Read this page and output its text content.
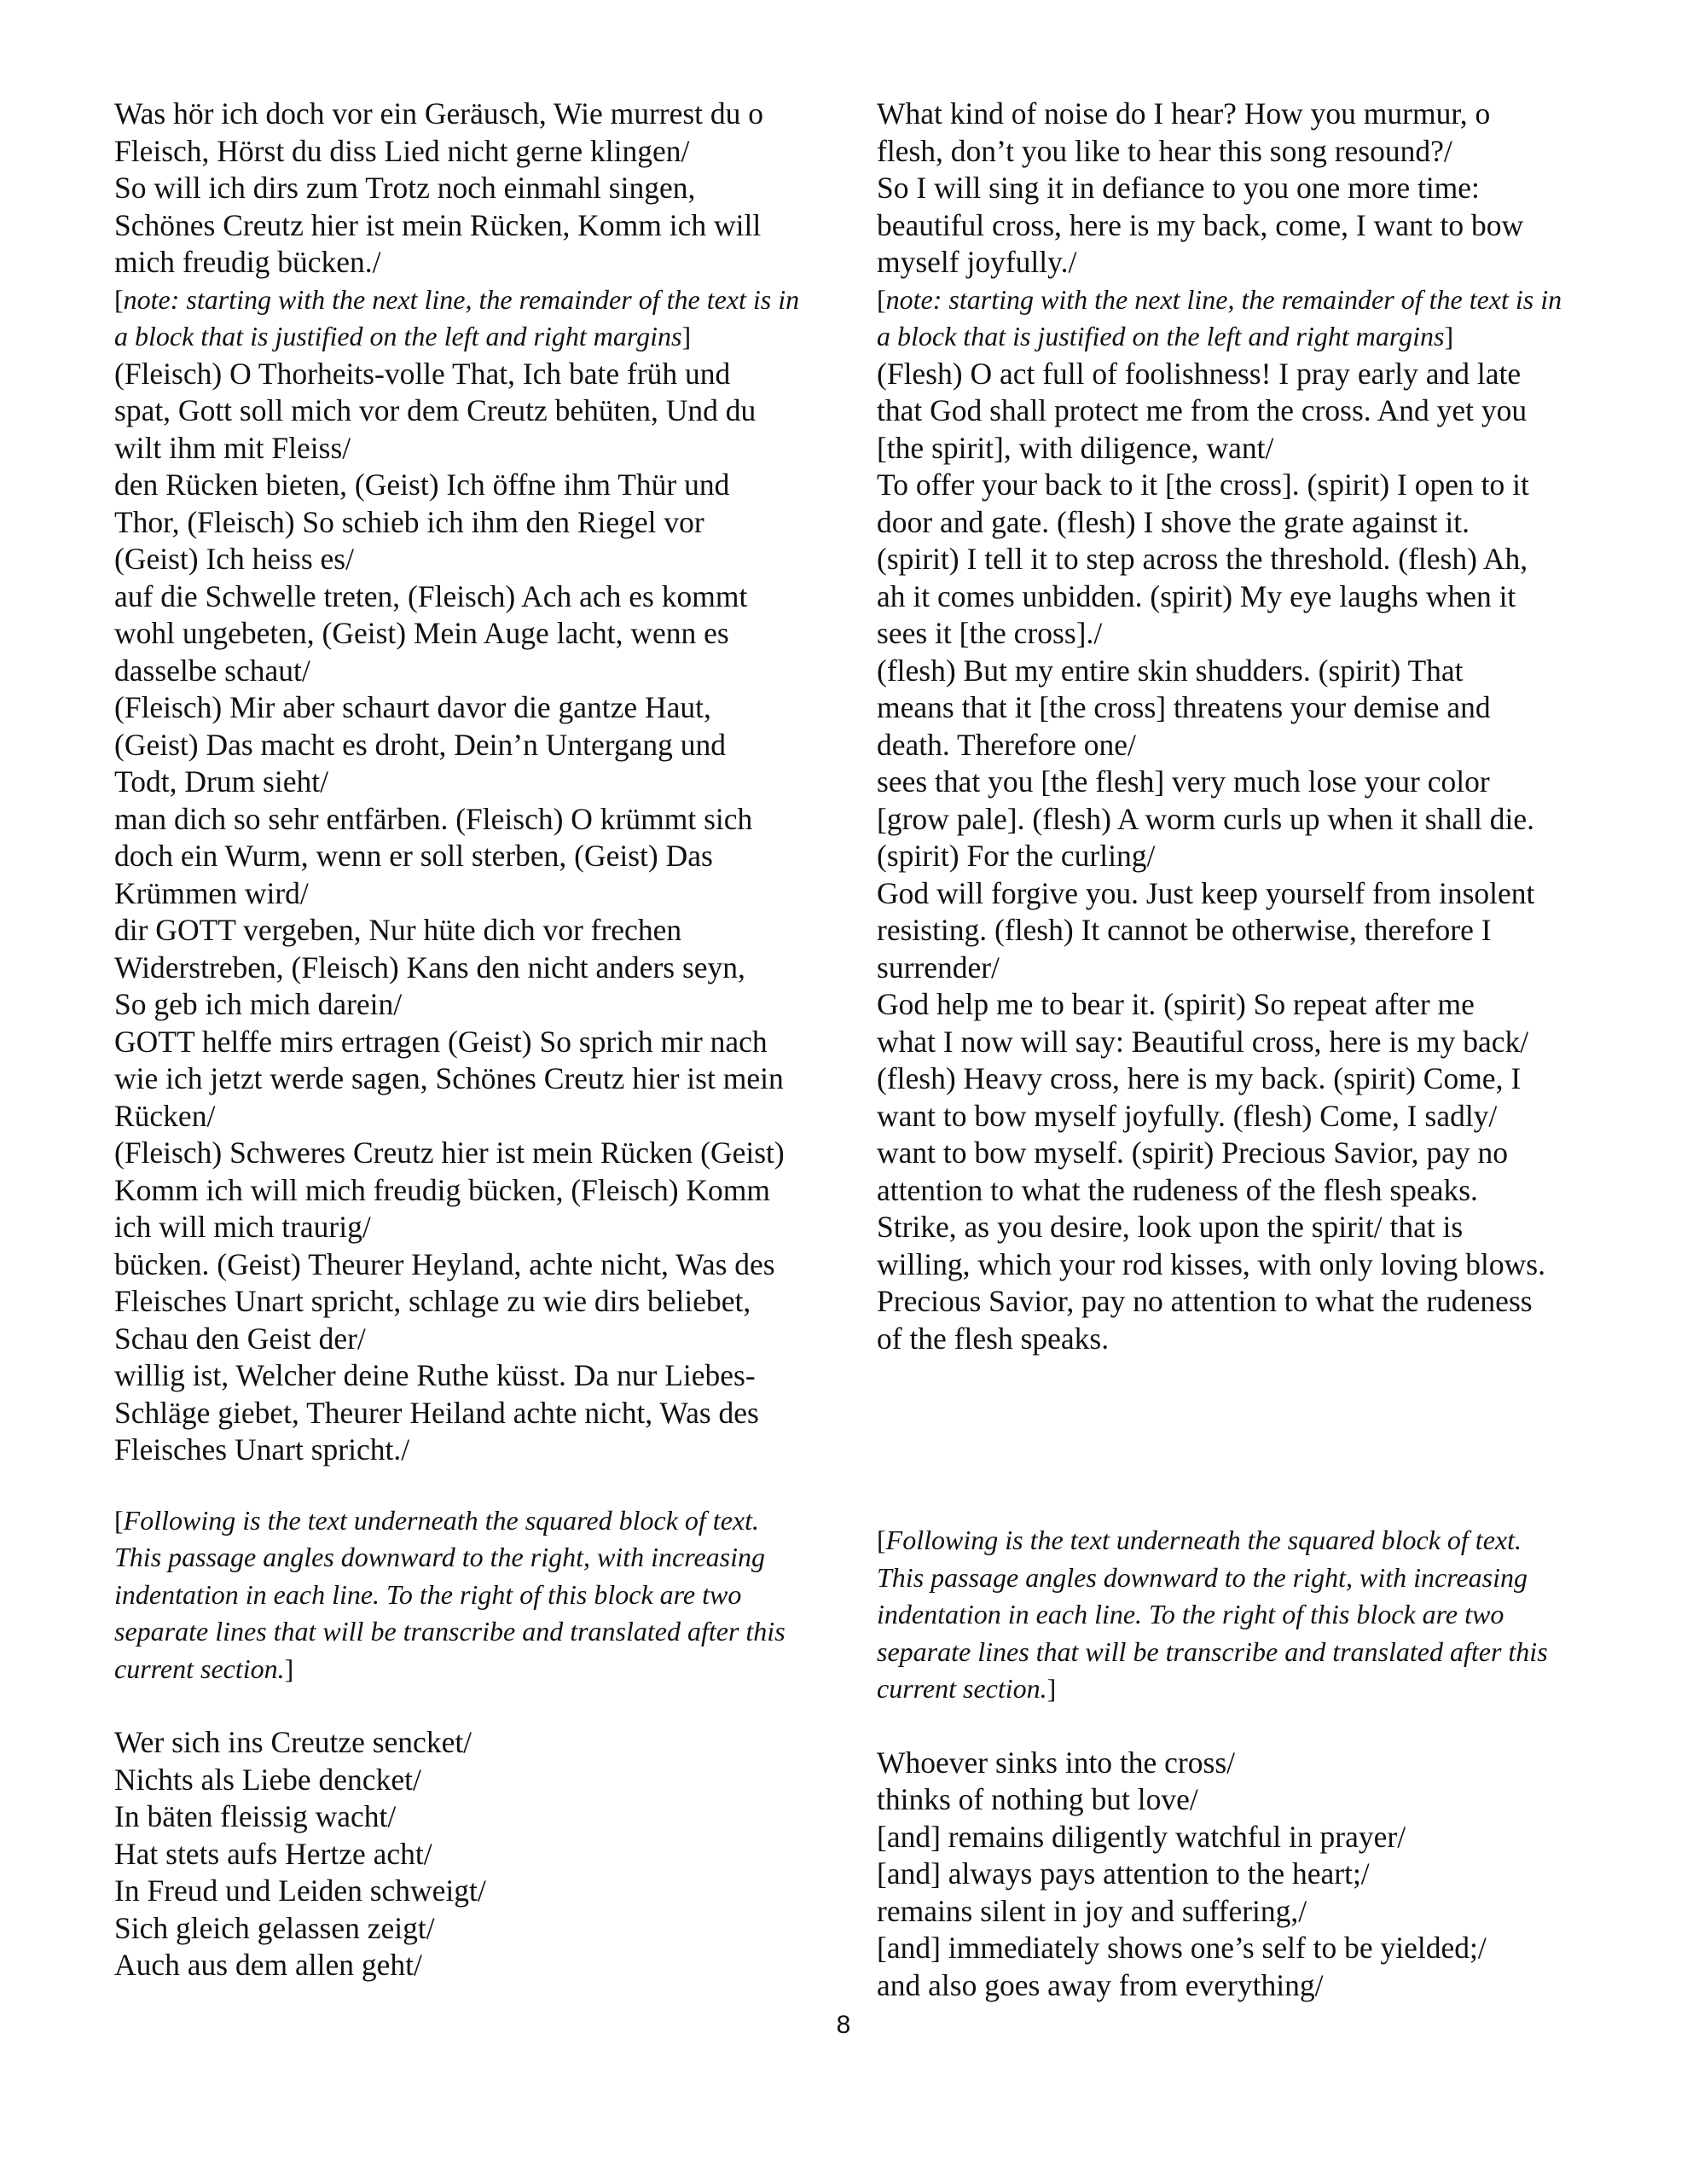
Was hör ich doch vor ein Geräusch, Wie murrest du o
Fleisch, Hörst du diss Lied nicht gerne klingen/
So will ich dirs zum Trotz noch einmahl singen,
Schönes Creutz hier ist mein Rücken, Komm ich will
mich freudig bücken./

[note: starting with the next line, the remainder of the text is in
a block that is justified on the left and right margins]

(Fleisch) O Thorheits-volle That, Ich bate früh und
spat, Gott soll mich vor dem Creutz behüten, Und du
wilt ihm mit Fleiss/
den Rücken bieten, (Geist) Ich öffne ihm Thür und
Thor, (Fleisch) So schieb ich ihm den Riegel vor
(Geist) Ich heiss es/
auf die Schwelle treten, (Fleisch) Ach ach es kommt
wohl ungebeten, (Geist) Mein Auge lacht, wenn es
dasselbe schaut/
(Fleisch) Mir aber schaurt davor die gantze Haut,
(Geist) Das macht es droht, Dein’n Untergang und
Todt, Drum sieht/
man dich so sehr entfärben. (Fleisch) O krümmt sich
doch ein Wurm, wenn er soll sterben, (Geist) Das
Krümmen wird/
dir GOTT vergeben, Nur hüte dich vor frechen
Widerstreben, (Fleisch) Kans den nicht anders seyn,
So geb ich mich darein/
GOTT helffe mirs ertragen (Geist) So sprich mir nach
wie ich jetzt werde sagen, Schönes Creutz hier ist mein
Rücken/
(Fleisch) Schweres Creutz hier ist mein Rücken (Geist)
Komm ich will mich freudig bücken, (Fleisch) Komm
ich will mich traurig/
bücken. (Geist) Theurer Heyland, achte nicht, Was des
Fleisches Unart spricht, schlage zu wie dirs beliebet,
Schau den Geist der/
willig ist, Welcher deine Ruthe küsst. Da nur Liebes-
Schläge giebet, Theurer Heiland achte nicht, Was des
Fleisches Unart spricht./

[Following is the text underneath the squared block of text.
This passage angles downward to the right, with increasing
indentation in each line. To the right of this block are two
separate lines that will be transcribe and translated after this
current section.]

Wer sich ins Creutze sencket/
Nichts als Liebe dencket/
In bäten fleissig wacht/
Hat stets aufs Hertze acht/
In Freud und Leiden schweigt/
Sich gleich gelassen zeigt/
Auch aus dem allen geht/

What kind of noise do I hear? How you murmur, o
flesh, don’t you like to hear this song resound?/
So I will sing it in defiance to you one more time:
beautiful cross, here is my back, come, I want to bow
myself joyfully./

[note: starting with the next line, the remainder of the text is in
a block that is justified on the left and right margins]

(Flesh) O act full of foolishness! I pray early and late
that God shall protect me from the cross. And yet you
[the spirit], with diligence, want/
To offer your back to it [the cross]. (spirit) I open to it
door and gate. (flesh) I shove the grate against it.
(spirit) I tell it to step across the threshold. (flesh) Ah,
ah it comes unbidden. (spirit) My eye laughs when it
sees it [the cross]./
(flesh) But my entire skin shudders. (spirit) That
means that it [the cross] threatens your demise and
death. Therefore one/
sees that you [the flesh] very much lose your color
[grow pale]. (flesh) A worm curls up when it shall die.
(spirit) For the curling/
God will forgive you. Just keep yourself from insolent
resisting. (flesh) It cannot be otherwise, therefore I
surrender/
God help me to bear it. (spirit) So repeat after me
what I now will say: Beautiful cross, here is my back/
(flesh) Heavy cross, here is my back. (spirit) Come, I
want to bow myself joyfully. (flesh) Come, I sadly/
want to bow myself. (spirit) Precious Savior, pay no
attention to what the rudeness of the flesh speaks.
Strike, as you desire, look upon the spirit/ that is
willing, which your rod kisses, with only loving blows.
Precious Savior, pay no attention to what the rudeness
of the flesh speaks.

[Following is the text underneath the squared block of text.
This passage angles downward to the right, with increasing
indentation in each line. To the right of this block are two
separate lines that will be transcribe and translated after this
current section.]

Whoever sinks into the cross/
thinks of nothing but love/
[and] remains diligently watchful in prayer/
[and] always pays attention to the heart;/
remains silent in joy and suffering,/
[and] immediately shows one’s self to be yielded;/
and also goes away from everything/

8
